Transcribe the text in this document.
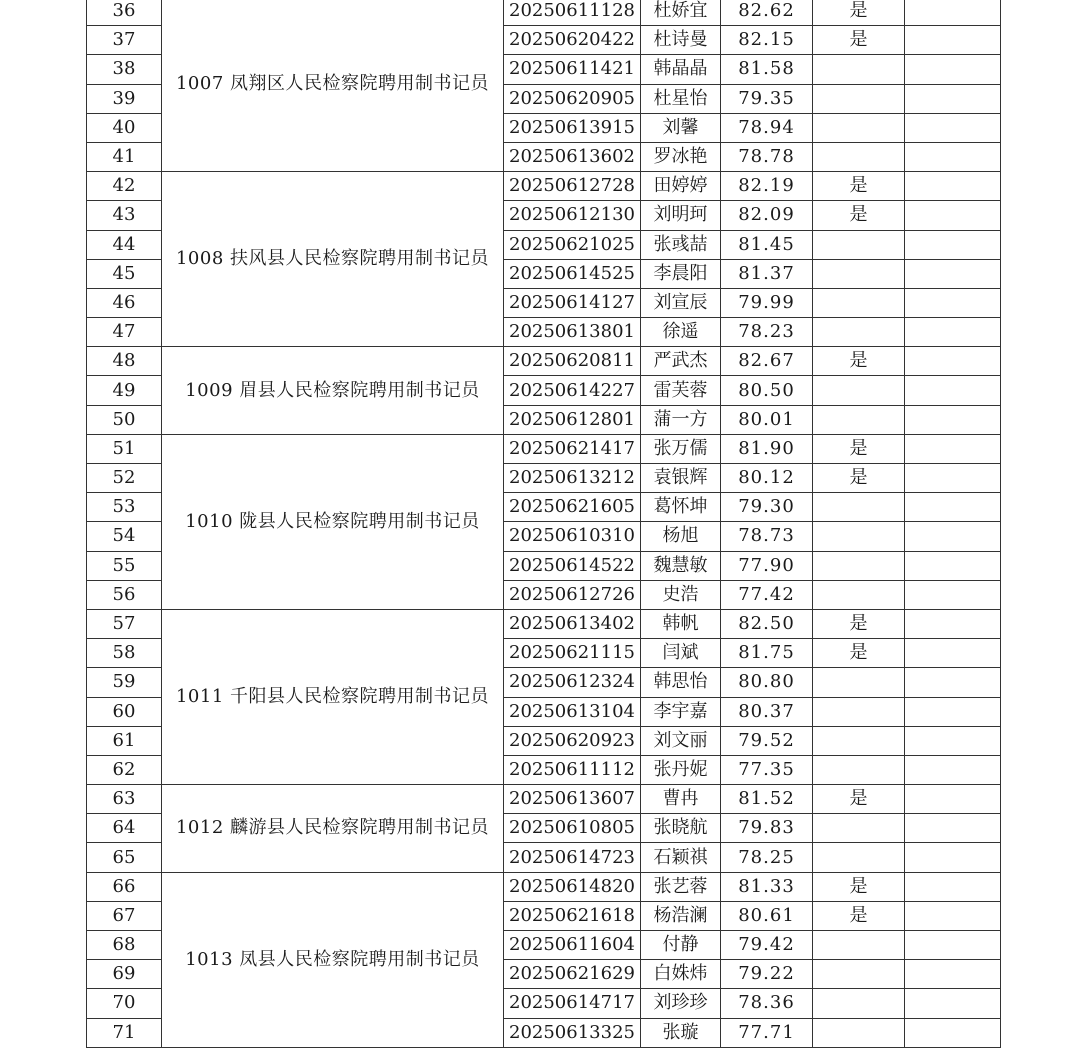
36	1007 凤翔区人民检察院聘用制书记员	20250611128	杜娇宜	82.62	是	
37		20250620422	杜诗曼	82.15	是	
38		20250611421	韩晶晶	81.58		
39		20250620905	杜星怡	79.35		
40		20250613915	刘馨	78.94		
41		20250613602	罗冰艳	78.78		
42	1008 扶风县人民检察院聘用制书记员	20250612728	田婷婷	82.19	是	
43		20250612130	刘明珂	82.09	是	
44		20250621025	张彧喆	81.45		
45		20250614525	李晨阳	81.37		
46		20250614127	刘宣辰	79.99		
47		20250613801	徐遥	78.23		
48	1009 眉县人民检察院聘用制书记员	20250620811	严武杰	82.67	是	
49		20250614227	雷芙蓉	80.50		
50		20250612801	蒲一方	80.01		
51	1010 陇县人民检察院聘用制书记员	20250621417	张万儒	81.90	是	
52		20250613212	袁银辉	80.12	是	
53		20250621605	葛怀坤	79.30		
54		20250610310	杨旭	78.73		
55		20250614522	魏慧敏	77.90		
56		20250612726	史浩	77.42		
57	1011 千阳县人民检察院聘用制书记员	20250613402	韩帆	82.50	是	
58		20250621115	闫斌	81.75	是	
59		20250612324	韩思怡	80.80		
60		20250613104	李宇嘉	80.37		
61		20250620923	刘文丽	79.52		
62		20250611112	张丹妮	77.35		
63	1012 麟游县人民检察院聘用制书记员	20250613607	曹冉	81.52	是	
64		20250610805	张晓航	79.83		
65		20250614723	石颖祺	78.25		
66	1013 凤县人民检察院聘用制书记员	20250614820	张艺蓉	81.33	是	
67		20250621618	杨浩澜	80.61	是	
68		20250611604	付静	79.42		
69		20250621629	白姝炜	79.22		
70		20250614717	刘珍珍	78.36		
71		20250613325	张璇	77.71		
